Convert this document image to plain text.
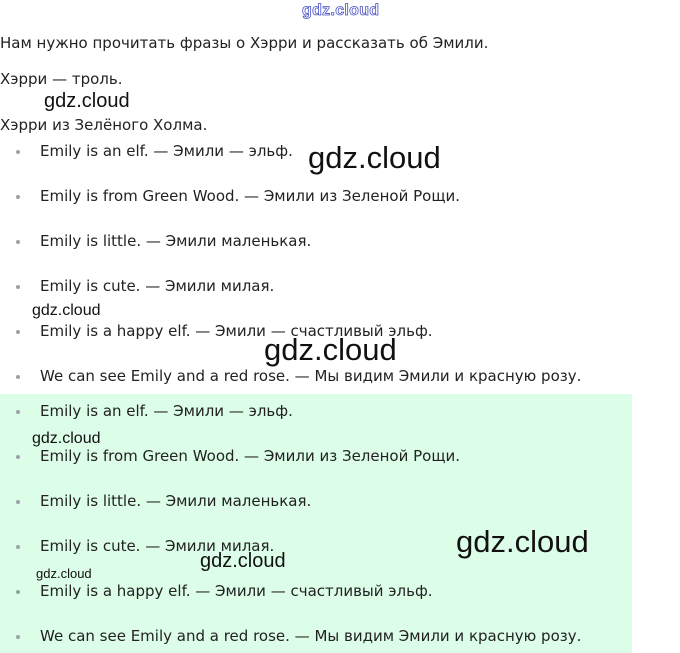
gdz.cloud
Нам нужно прочитать фразы о Хэрри и рассказать об Эмили.
Хэрри — троль.
Хэрри из Зелёного Холма.
Emily is an elf. — Эмили — эльф.
Emily is from Green Wood. — Эмили из Зеленой Рощи.
Emily is little. — Эмили маленькая.
Emily is cute. — Эмили милая.
Emily is a happy elf. — Эмили — счастливый эльф.
We can see Emily and a red rose. — Мы видим Эмили и красную розу.
Emily is an elf. — Эмили — эльф.
Emily is from Green Wood. — Эмили из Зеленой Рощи.
Emily is little. — Эмили маленькая.
Emily is cute. — Эмили милая.
Emily is a happy elf. — Эмили — счастливый эльф.
We can see Emily and a red rose. — Мы видим Эмили и красную розу.
gdz.cloud
gdz.cloud
gdz.cloud
gdz.cloud
gdz.cloud
gdz.cloud
gdz.cloud
gdz.cloud
